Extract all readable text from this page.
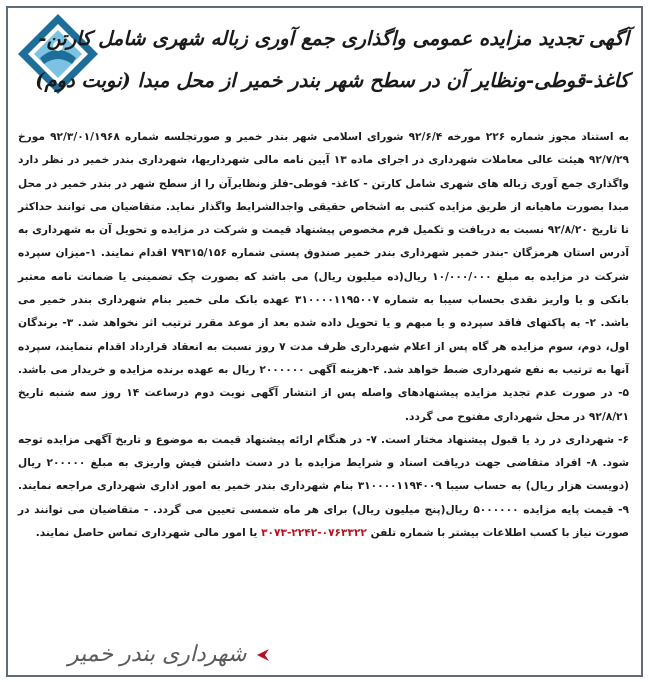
آگهی تجدید مزایده عمومی واگذاری جمع آوری زباله شهری شامل کارتن-
کاغذ-قوطی-ونظایر آن در سطح شهر بندر خمیر از محل مبدا (نوبت دوم)

به استناد مجوز شماره ۲۲۶ مورخه ۹۲/۶/۴ شورای اسلامی شهر بندر خمیر و صورتجلسه شماره ۹۲/۳/۰۱/۱۹۶۸ مورخ ۹۲/۷/۲۹ هیئت عالی معاملات شهرداری در اجرای ماده ۱۳ آیین نامه مالی شهرداریها، شهرداری بندر خمیر در نظر دارد واگذاری جمع آوری زباله های شهری شامل کارتن - کاغذ- قوطی-فلز ونظایرآن را از سطح شهر در بندر خمیر در محل مبدا بصورت ماهیانه از طریق مزایده کتبی به اشخاص حقیقی واجدالشرایط واگذار نماید. متقاضیان می توانند حداکثر تا تاریخ ۹۲/۸/۲۰ نسبت به دریافت و تکمیل فرم مخصوص پیشنهاد قیمت و شرکت در مزایده و تحویل آن به شهرداری به آدرس استان هرمزگان -بندر خمیر شهرداری بندر خمیر صندوق پستی شماره ۷۹۳۱۵/۱۵۶ اقدام نمایند. ۱-میزان سپرده شرکت در مزایده به مبلغ ۱۰/۰۰۰/۰۰۰ ریال(ده میلیون ریال) می باشد که بصورت چک تضمینی یا ضمانت نامه معتبر بانکی و یا واریز نقدی بحساب سیبا به شماره ۳۱۰۰۰۰۱۱۹۵۰۰۷ عهده بانک ملی خمیر بنام شهرداری بندر خمیر می باشد. ۲- به پاکتهای فاقد سپرده و یا مبهم و یا تحویل داده شده بعد از موعد مقرر ترتیب اثر نخواهد شد. ۳- برندگان اول، دوم، سوم مزایده هر گاه پس از اعلام شهرداری ظرف مدت ۷ روز نسبت به انعقاد قرارداد اقدام ننمایند، سپرده آنها به ترتیب به نفع شهرداری ضبط خواهد شد. ۴-هزینه آگهی ۲۰۰۰۰۰۰ ریال به عهده برنده مزایده و خریدار می باشد. ۵- در صورت عدم تجدید مزایده پیشنهادهای واصله پس از انتشار آگهی نوبت دوم درساعت ۱۴ روز سه شنبه تاریخ ۹۲/۸/۲۱ در محل شهرداری مفتوح می گردد.

۶- شهرداری در رد یا قبول پیشنهاد مختار است. ۷- در هنگام ارائه پیشنهاد قیمت به موضوع و تاریخ آگهی مزایده توجه شود. ۸- افراد متقاضی جهت دریافت اسناد و شرایط مزایده با در دست داشتن فیش واریزی به مبلغ ۲۰۰۰۰۰ ریال (دویست هزار ریال) به حساب سیبا ۳۱۰۰۰۰۱۱۹۴۰۰۹ بنام شهرداری بندر خمیر به امور اداری شهرداری مراجعه نمایند. ۹- قیمت پایه مزایده ۵۰۰۰۰۰۰ ریال(پنج میلیون ریال) برای هر ماه شمسی تعیین می گردد. - متقاضیان می توانند در صورت نیاز با کسب اطلاعات بیشتر با شماره تلفن ۰۷۶۳۳۲۲-۲۲۴۲-۳۰۷۳ یا امور مالی شهرداری تماس حاصل نمایند.

شهرداری بندر خمیر
